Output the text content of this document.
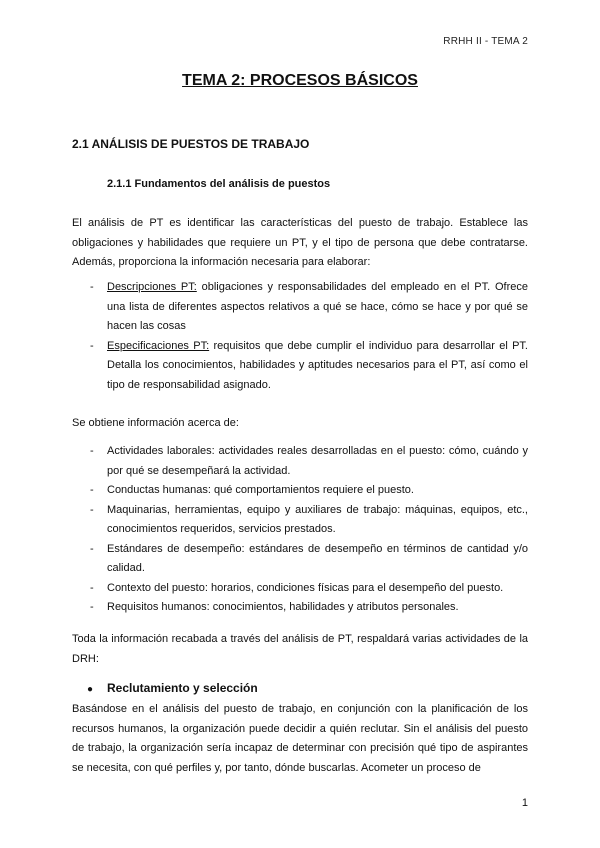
RRHH II - TEMA 2
TEMA 2: PROCESOS BÁSICOS
2.1 ANÁLISIS DE PUESTOS DE TRABAJO
2.1.1 Fundamentos del análisis de puestos
El análisis de PT es identificar las características del puesto de trabajo. Establece las obligaciones y habilidades que requiere un PT, y el tipo de persona que debe contratarse. Además, proporciona la información necesaria para elaborar:
- Descripciones PT: obligaciones y responsabilidades del empleado en el PT. Ofrece una lista de diferentes aspectos relativos a qué se hace, cómo se hace y por qué se hacen las cosas
- Especificaciones PT: requisitos que debe cumplir el individuo para desarrollar el PT. Detalla los conocimientos, habilidades y aptitudes necesarios para el PT, así como el tipo de responsabilidad asignado.
Se obtiene información acerca de:
- Actividades laborales: actividades reales desarrolladas en el puesto: cómo, cuándo y por qué se desempeñará la actividad.
- Conductas humanas: qué comportamientos requiere el puesto.
- Maquinarias, herramientas, equipo y auxiliares de trabajo: máquinas, equipos, etc., conocimientos requeridos, servicios prestados.
- Estándares de desempeño: estándares de desempeño en términos de cantidad y/o calidad.
- Contexto del puesto: horarios, condiciones físicas para el desempeño del puesto.
- Requisitos humanos: conocimientos, habilidades y atributos personales.
Toda la información recabada a través del análisis de PT, respaldará varias actividades de la DRH:
● Reclutamiento y selección
Basándose en el análisis del puesto de trabajo, en conjunción con la planificación de los recursos humanos, la organización puede decidir a quién reclutar. Sin el análisis del puesto de trabajo, la organización sería incapaz de determinar con precisión qué tipo de aspirantes se necesita, con qué perfiles y, por tanto, dónde buscarlas. Acometer un proceso de
1
